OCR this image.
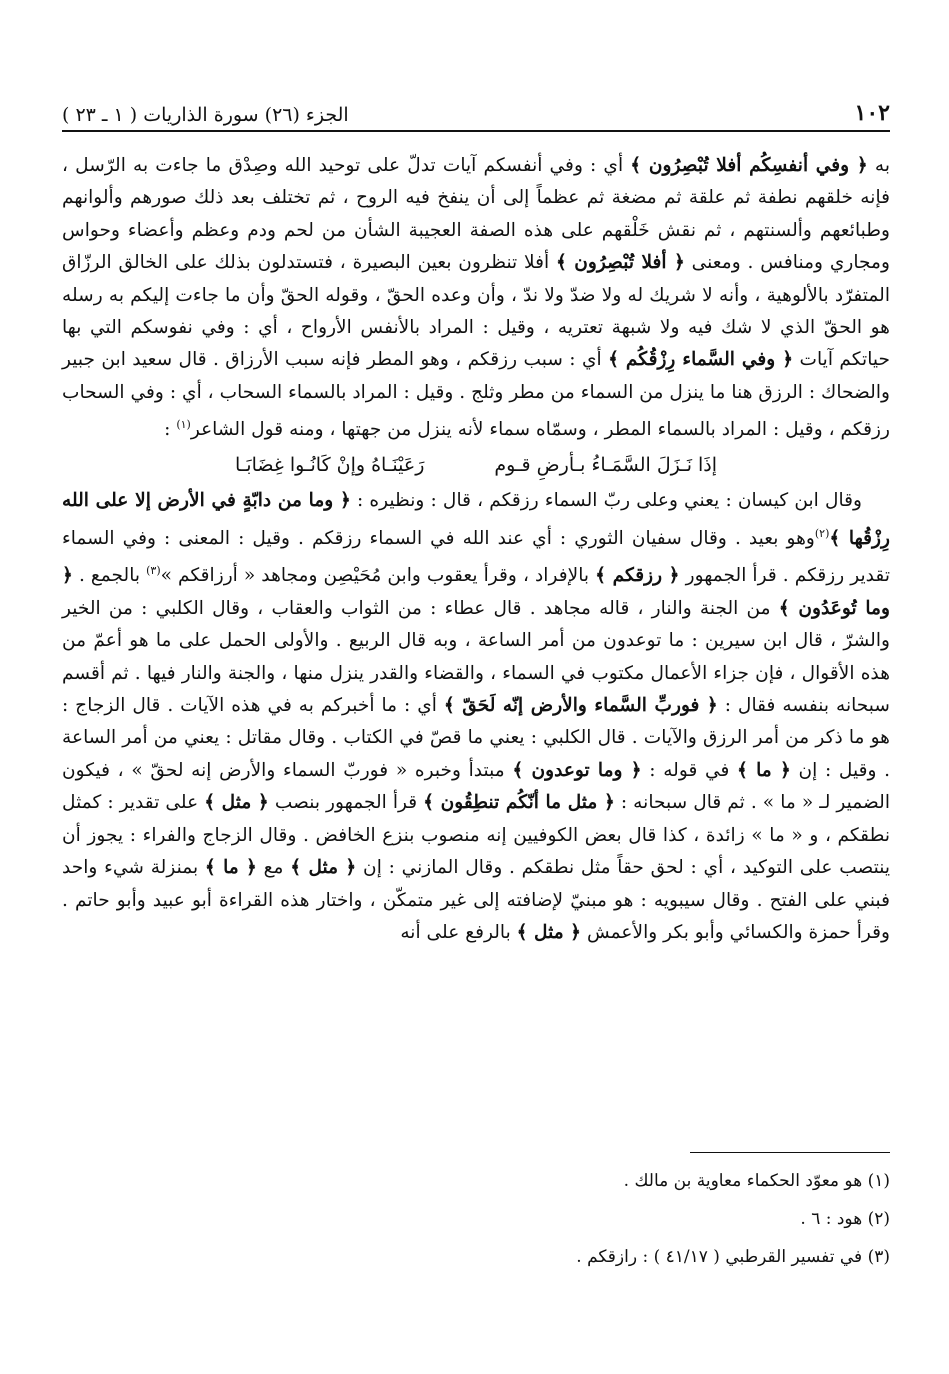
١٠٢
الجزء (٢٦) سورة الذاريات ( ١ ـ ٢٣ )

به ﴿ وفي أنفسِكُم أفلا تُبْصِرُون ﴾ أي : وفي أنفسكم آيات تدلّ على توحيد الله وصِدْق ما جاءت به الرّسل ، فإنه خلقهم نطفة ثم علقة ثم مضغة ثم عظماً إلى أن ينفخ فيه الروح ، ثم تختلف بعد ذلك صورهم وألوانهم وطبائعهم وألسنتهم ، ثم نقش خَلْقهم على هذه الصفة العجيبة الشأن من لحم ودم وعظم وأعضاء وحواس ومجاري ومنافس . ومعنى ﴿ أفلا تُبْصِرُون ﴾ أفلا تنظرون بعين البصيرة ، فتستدلون بذلك على الخالق الرزّاق المتفرّد بالألوهية ، وأنه لا شريك له ولا ضدّ ولا ندّ ، وأن وعده الحقّ ، وقوله الحقّ وأن ما جاءت إليكم به رسله هو الحقّ الذي لا شك فيه ولا شبهة تعتريه ، وقيل : المراد بالأنفس الأرواح ، أي : وفي نفوسكم التي بها حياتكم آيات ﴿ وفي السَّماء رِزْقُكُم ﴾ أي : سبب رزقكم ، وهو المطر فإنه سبب الأرزاق . قال سعيد ابن جبير والضحاك : الرزق هنا ما ينزل من السماء من مطر وثلج . وقيل : المراد بالسماء السحاب ، أي : وفي السحاب رزقكم ، وقيل : المراد بالسماء المطر ، وسمّاه سماء لأنه ينزل من جهتها ، ومنه قول الشاعر$^{(١)}$ :

إذَا نَـزَلَ السَّمَـاءُ بـأرضِ قـوم
رَعَيْنَـاهُ وإنْ كَانُـوا غِضَابَـا

وقال ابن كيسان : يعني وعلى ربّ السماء رزقكم ، قال : ونظيره : ﴿ وما من دابّةٍ في الأرض إلا على الله رِزْقُها ﴾$^{(٢)}$وهو بعيد . وقال سفيان الثوري : أي عند الله في السماء رزقكم . وقيل : المعنى : وفي السماء تقدير رزقكم . قرأ الجمهور ﴿ رزقكم ﴾ بالإفراد ، وقرأ يعقوب وابن مُحَيْصِن ومجاهد « أرزاقكم »$^{(٣)}$ بالجمع . ﴿ وما تُوعَدُون ﴾ من الجنة والنار ، قاله مجاهد . قال عطاء : من الثواب والعقاب ، وقال الكلبي : من الخير والشرّ ، قال ابن سيرين : ما توعدون من أمر الساعة ، وبه قال الربيع . والأولى الحمل على ما هو أعمّ من هذه الأقوال ، فإن جزاء الأعمال مكتوب في السماء ، والقضاء والقدر ينزل منها ، والجنة والنار فيها . ثم أقسم سبحانه بنفسه فقال : ﴿ فوربِّ السَّماء والأرض إنّه لَحَقّ ﴾ أي : ما أخبركم به في هذه الآيات . قال الزجاج : هو ما ذكر من أمر الرزق والآيات . قال الكلبي : يعني ما قصّ في الكتاب . وقال مقاتل : يعني من أمر الساعة . وقيل : إن ﴿ ما ﴾ في قوله : ﴿ وما توعدون ﴾ مبتدأ وخبره « فوربّ السماء والأرض إنه لحقّ » ، فيكون الضمير لـ « ما » . ثم قال سبحانه : ﴿ مثل ما أنّكُم تنطِقُون ﴾ قرأ الجمهور بنصب ﴿ مثل ﴾ على تقدير : كمثل نطقكم ، و « ما » زائدة ، كذا قال بعض الكوفيين إنه منصوب بنزع الخافض . وقال الزجاج والفراء : يجوز أن ينتصب على التوكيد ، أي : لحق حقاً مثل نطقكم . وقال المازني : إن ﴿ مثل ﴾ مع ﴿ ما ﴾ بمنزلة شيء واحد فبني على الفتح . وقال سيبويه : هو مبنيّ لإضافته إلى غير متمكّن ، واختار هذه القراءة أبو عبيد وأبو حاتم . وقرأ حمزة والكسائي وأبو بكر والأعمش ﴿ مثل ﴾ بالرفع على أنه

(١) هو معوّد الحكماء معاوية بن مالك .
(٢) هود : ٦ .
(٣) في تفسير القرطبي ( ٤١/١٧ ) : رازقكم .
